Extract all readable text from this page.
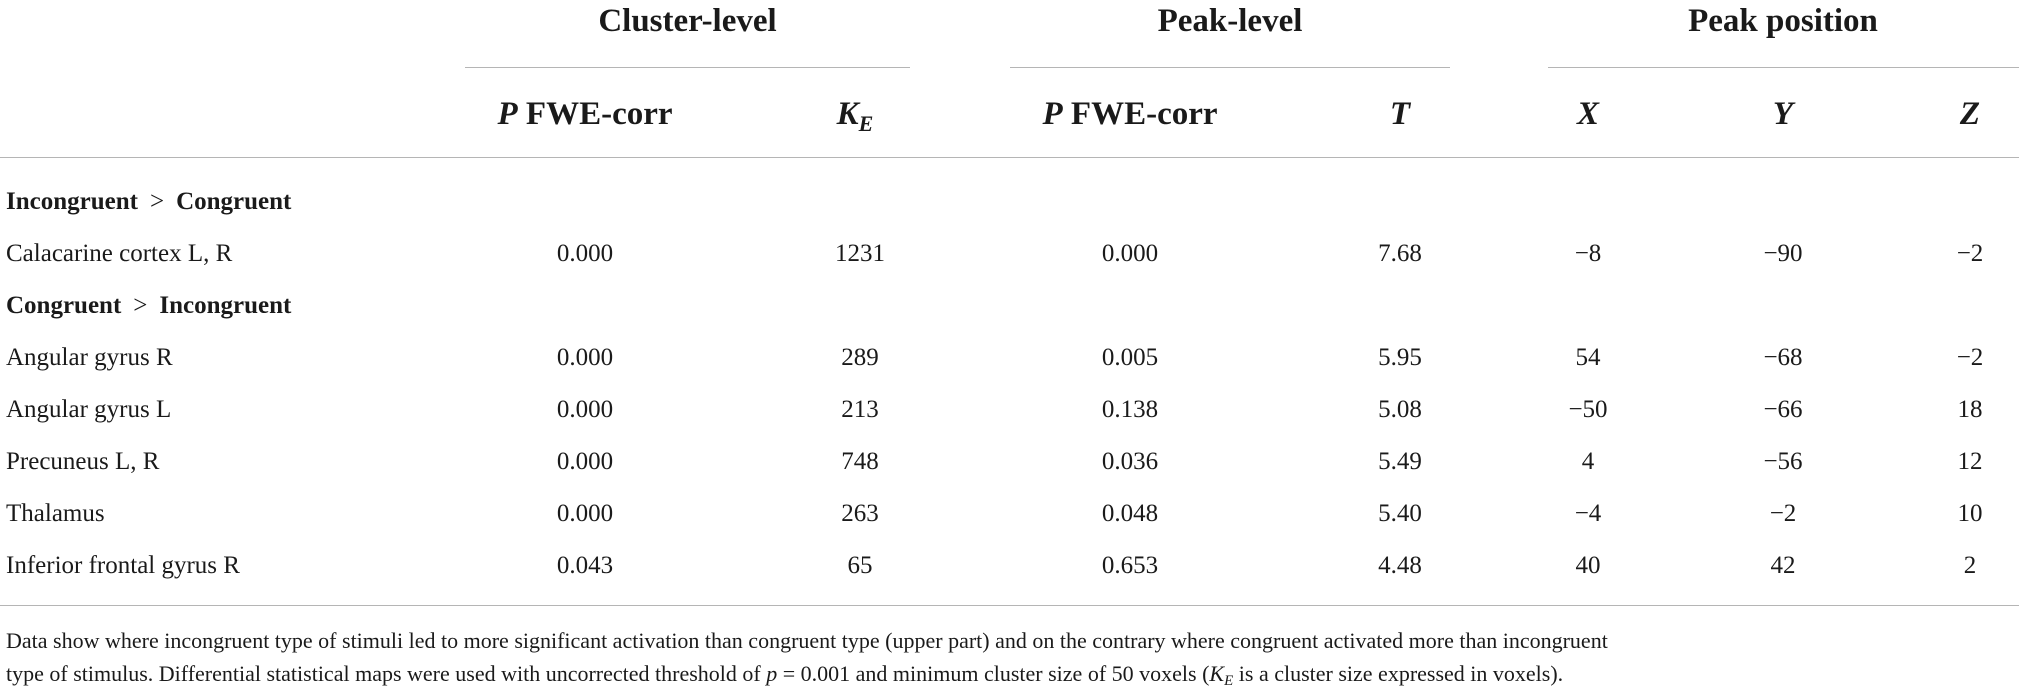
Cluster-level	Peak-level	Peak position
P FWE-corr	$K_E$	P FWE-corr	T	X	Y	Z
Incongruent > Congruent
Calacarine cortex L, R	0.000	1231	0.000	7.68	−8	−90	−2
Congruent > Incongruent
Angular gyrus R	0.000	289	0.005	5.95	54	−68	−2
Angular gyrus L	0.000	213	0.138	5.08	−50	−66	18
Precuneus L, R	0.000	748	0.036	5.49	4	−56	12
Thalamus	0.000	263	0.048	5.40	−4	−2	10
Inferior frontal gyrus R	0.043	65	0.653	4.48	40	42	2
Data show where incongruent type of stimuli led to more significant activation than congruent type (upper part) and on the contrary where congruent activated more than incongruent
type of stimulus. Differential statistical maps were used with uncorrected threshold of p = 0.001 and minimum cluster size of 50 voxels ($K_E$ is a cluster size expressed in voxels).
